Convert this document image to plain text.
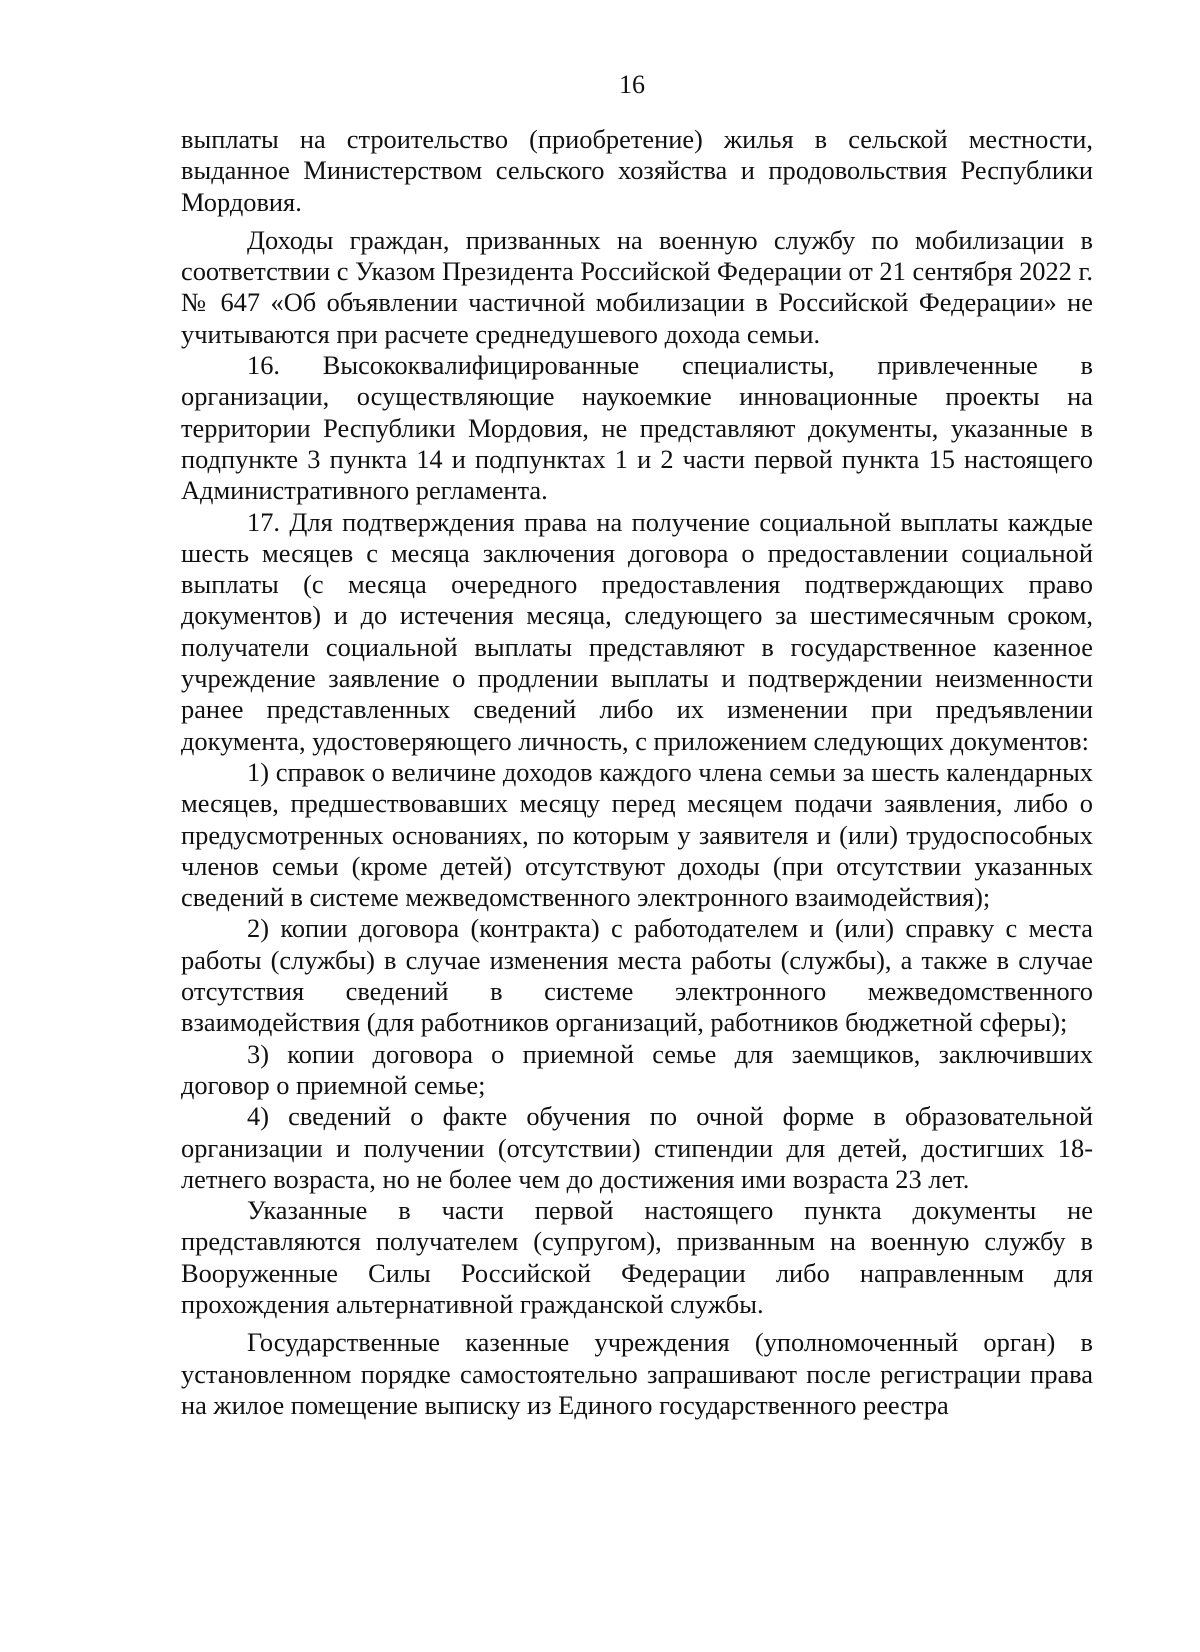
16

выплаты на строительство (приобретение) жилья в сельской местности, выданное Министерством сельского хозяйства и продовольствия Республики Мордовия.

Доходы граждан, призванных на военную службу по мобилизации в соответствии с Указом Президента Российской Федерации от 21 сентября 2022 г. № 647 «Об объявлении частичной мобилизации в Российской Федерации» не учитываются при расчете среднедушевого дохода семьи.

16. Высококвалифицированные специалисты, привлеченные в организации, осуществляющие наукоемкие инновационные проекты на территории Республики Мордовия, не представляют документы, указанные в подпункте 3 пункта 14 и подпунктах 1 и 2 части первой пункта 15 настоящего Административного регламента.

17. Для подтверждения права на получение социальной выплаты каждые шесть месяцев с месяца заключения договора о предоставлении социальной выплаты (с месяца очередного предоставления подтверждающих право документов) и до истечения месяца, следующего за шестимесячным сроком, получатели социальной выплаты представляют в государственное казенное учреждение заявление о продлении выплаты и подтверждении неизменности ранее представленных сведений либо их изменении при предъявлении документа, удостоверяющего личность, с приложением следующих документов:

1) справок о величине доходов каждого члена семьи за шесть календарных месяцев, предшествовавших месяцу перед месяцем подачи заявления, либо о предусмотренных основаниях, по которым у заявителя и (или) трудоспособных членов семьи (кроме детей) отсутствуют доходы (при отсутствии указанных сведений в системе межведомственного электронного взаимодействия);

2) копии договора (контракта) с работодателем и (или) справку с места работы (службы) в случае изменения места работы (службы), а также в случае отсутствия сведений в системе электронного межведомственного взаимодействия (для работников организаций, работников бюджетной сферы);

3) копии договора о приемной семье для заемщиков, заключивших договор о приемной семье;

4) сведений о факте обучения по очной форме в образовательной организации и получении (отсутствии) стипендии для детей, достигших 18-летнего возраста, но не более чем до достижения ими возраста 23 лет.

Указанные в части первой настоящего пункта документы не представляются получателем (супругом), призванным на военную службу в Вооруженные Силы Российской Федерации либо направленным для прохождения альтернативной гражданской службы.

Государственные казенные учреждения (уполномоченный орган) в установленном порядке самостоятельно запрашивают после регистрации права на жилое помещение выписку из Единого государственного реестра
